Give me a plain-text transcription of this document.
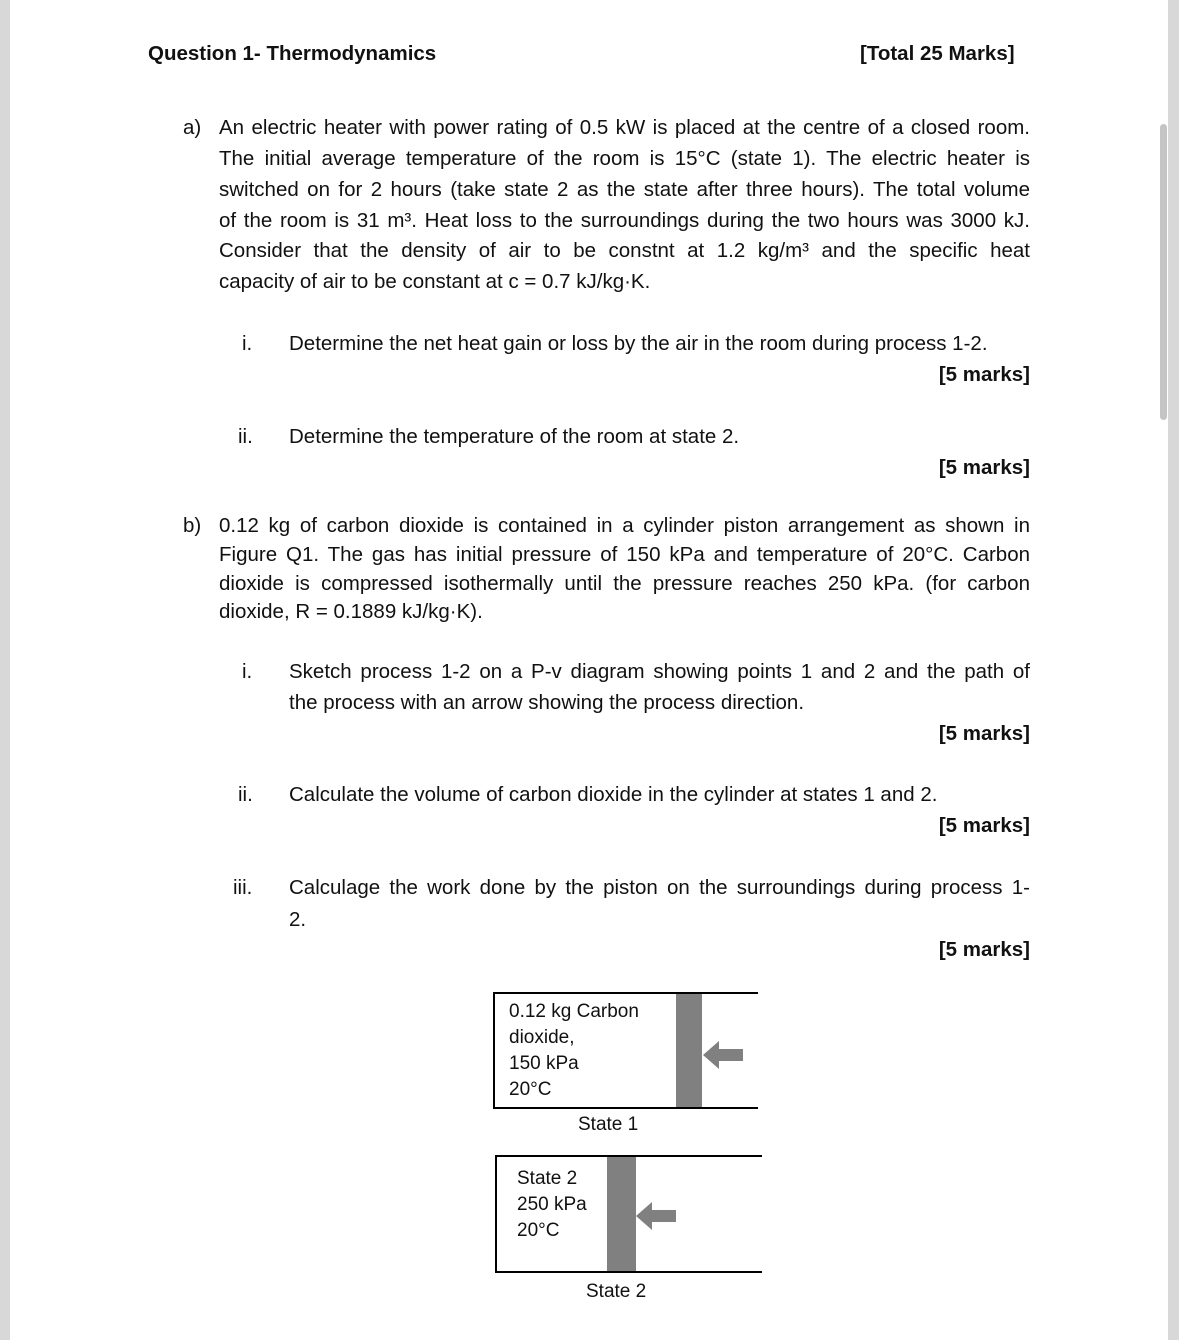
Question 1- Thermodynamics	[Total 25 Marks]
a) An electric heater with power rating of 0.5 kW is placed at the centre of a closed room.
The initial average temperature of the room is 15°C (state 1). The electric heater is
switched on for 2 hours (take state 2 as the state after three hours). The total volume
of the room is 31 m³. Heat loss to the surroundings during the two hours was 3000 kJ.
Consider that the density of air to be constnt at 1.2 kg/m³ and the specific heat
capacity of air to be constant at c = 0.7 kJ/kg·K.
i. Determine the net heat gain or loss by the air in the room during process 1-2.
[5 marks]
ii. Determine the temperature of the room at state 2.
[5 marks]
b) 0.12 kg of carbon dioxide is contained in a cylinder piston arrangement as shown in
Figure Q1. The gas has initial pressure of 150 kPa and temperature of 20°C. Carbon
dioxide is compressed isothermally until the pressure reaches 250 kPa. (for carbon
dioxide, R = 0.1889 kJ/kg·K).
i. Sketch process 1-2 on a P-v diagram showing points 1 and 2 and the path of
the process with an arrow showing the process direction.
[5 marks]
ii. Calculate the volume of carbon dioxide in the cylinder at states 1 and 2.
[5 marks]
iii. Calculage the work done by the piston on the surroundings during process 1-
2.
[5 marks]
0.12 kg Carbon
dioxide,
150 kPa
20°C
State 1
State 2
250 kPa
20°C
State 2
